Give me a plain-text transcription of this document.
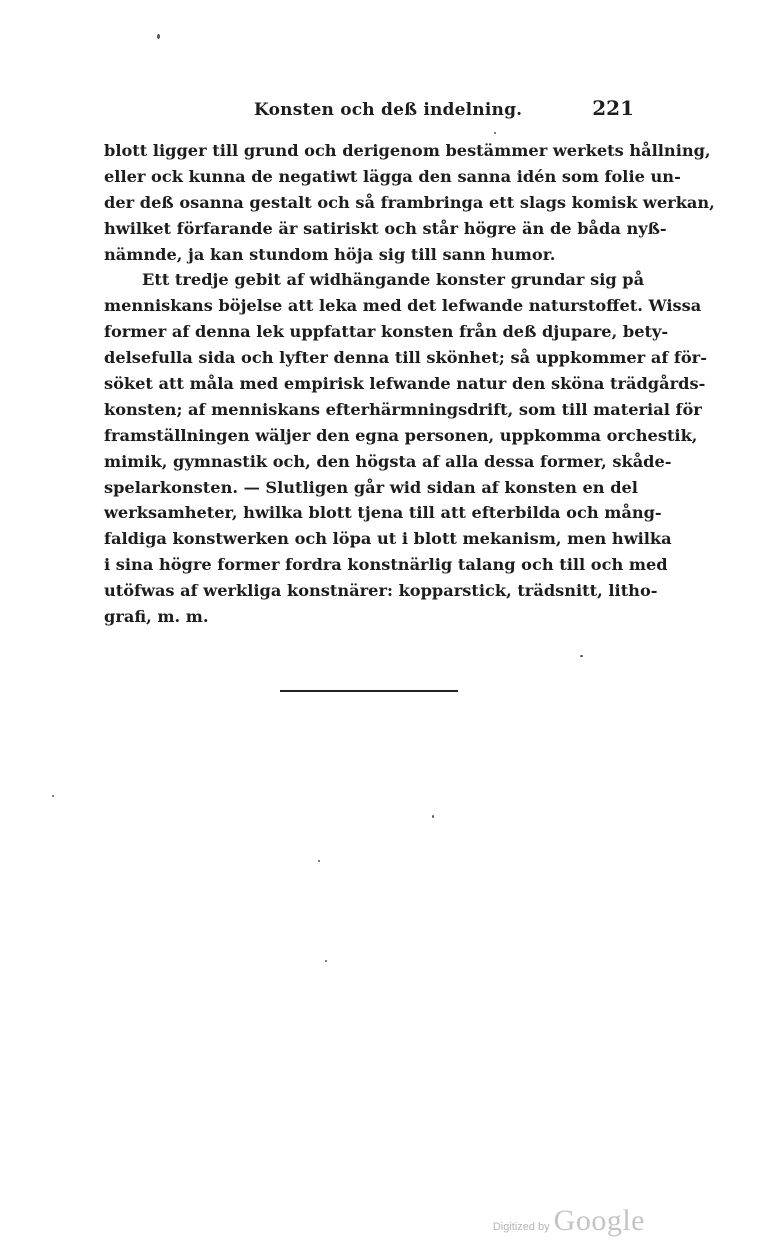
Konsten och deß indelning.	221
blott ligger till grund och derigenom bestämmer werkets hållning,
eller ock kunna de negatiwt lägga den sanna idén som folie un-
der deß osanna gestalt och så frambringa ett slags komisk werkan,
hwilket förfarande är satiriskt och står högre än de båda nyß-
nämnde, ja kan stundom höja sig till sann humor.
Ett tredje gebit af widhängande konster grundar sig på
menniskans böjelse att leka med det lefwande naturstoffet. Wissa
former af denna lek uppfattar konsten från deß djupare, bety-
delsefulla sida och lyfter denna till skönhet; så uppkommer af för-
söket att måla med empirisk lefwande natur den sköna trädgårds-
konsten; af menniskans efterhärmningsdrift, som till material för
framställningen wäljer den egna personen, uppkomma orchestik,
mimik, gymnastik och, den högsta af alla dessa former, skåde-
spelarkonsten. — Slutligen går wid sidan af konsten en del
werksamheter, hwilka blott tjena till att efterbilda och mång-
faldiga konstwerken och löpa ut i blott mekanism, men hwilka
i sina högre former fordra konstnärlig talang och till och med
utöfwas af werkliga konstnärer: kopparstick, trädsnitt, litho-
grafi, m. m.
Digitized by Google
